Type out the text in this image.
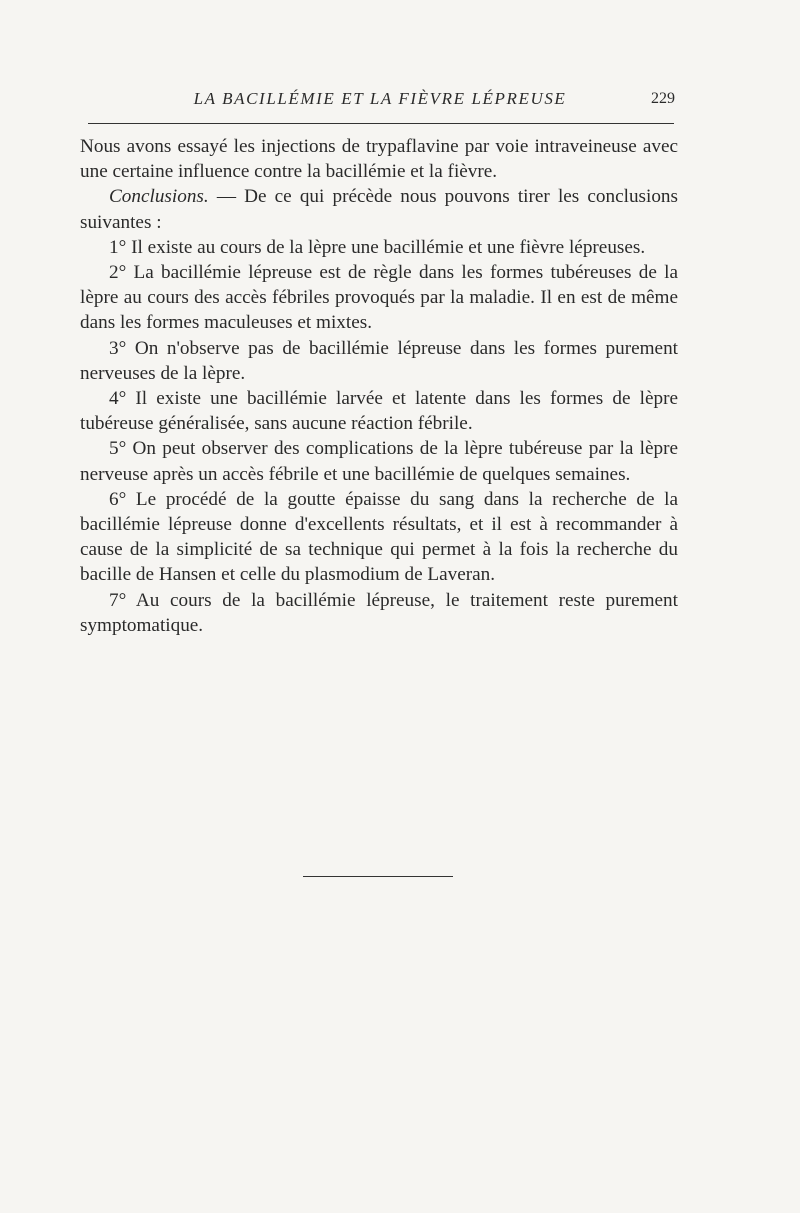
LA BACILLÉMIE ET LA FIÈVRE LÉPREUSE	229

Nous avons essayé les injections de trypaflavine par voie intraveineuse avec une certaine influence contre la bacillémie et la fièvre.

Conclusions. — De ce qui précède nous pouvons tirer les conclusions suivantes :

1° Il existe au cours de la lèpre une bacillémie et une fièvre lépreuses.

2° La bacillémie lépreuse est de règle dans les formes tubéreuses de la lèpre au cours des accès fébriles provoqués par la maladie. Il en est de même dans les formes maculeuses et mixtes.

3° On n'observe pas de bacillémie lépreuse dans les formes purement nerveuses de la lèpre.

4° Il existe une bacillémie larvée et latente dans les formes de lèpre tubéreuse généralisée, sans aucune réaction fébrile.

5° On peut observer des complications de la lèpre tubéreuse par la lèpre nerveuse après un accès fébrile et une bacillémie de quelques semaines.

6° Le procédé de la goutte épaisse du sang dans la recherche de la bacillémie lépreuse donne d'excellents résultats, et il est à recommander à cause de la simplicité de sa technique qui permet à la fois la recherche du bacille de Hansen et celle du plasmodium de Laveran.

7° Au cours de la bacillémie lépreuse, le traitement reste purement symptomatique.
